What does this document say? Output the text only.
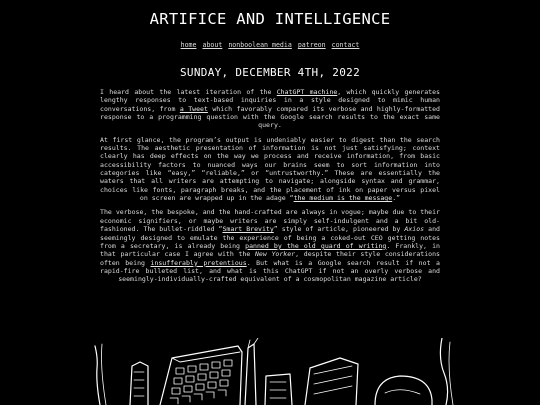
ARTIFICE AND INTELLIGENCE
home about nonboolean media patreon contact
SUNDAY, DECEMBER 4TH, 2022

I heard about the latest iteration of the ChatGPT machine, which quickly generates lengthy responses to text-based inquiries in a style designed to mimic human conversations, from a Tweet which favorably compared its verbose and highly-formatted response to a programming question with the Google search results to the exact same query.

At first glance, the program’s output is undeniably easier to digest than the search results. The aesthetic presentation of information is not just satisfying; context clearly has deep effects on the way we process and receive information, from basic accessibility factors to nuanced ways our brains seem to sort information into categories like “easy,” “reliable,” or “untrustworthy.” These are essentially the waters that all writers are attempting to navigate; alongside syntax and grammar, choices like fonts, paragraph breaks, and the placement of ink on paper versus pixel on screen are wrapped up in the adage “the medium is the message.”

The verbose, the bespoke, and the hand-crafted are always in vogue; maybe due to their economic signifiers, or maybe writers are simply self-indulgent and a bit old-fashioned. The bullet-riddled “Smart Brevity” style of article, pioneered by Axios and seemingly designed to emulate the experience of being a coked-out CEO getting notes from a secretary, is already being panned by the old guard of writing. Frankly, in that particular case I agree with the New Yorker, despite their style considerations often being insufferably pretentious. But what is a Google search result if not a rapid-fire bulleted list, and what is this ChatGPT if not an overly verbose and seemingly-individually-crafted equivalent of a cosmopolitan magazine article?
